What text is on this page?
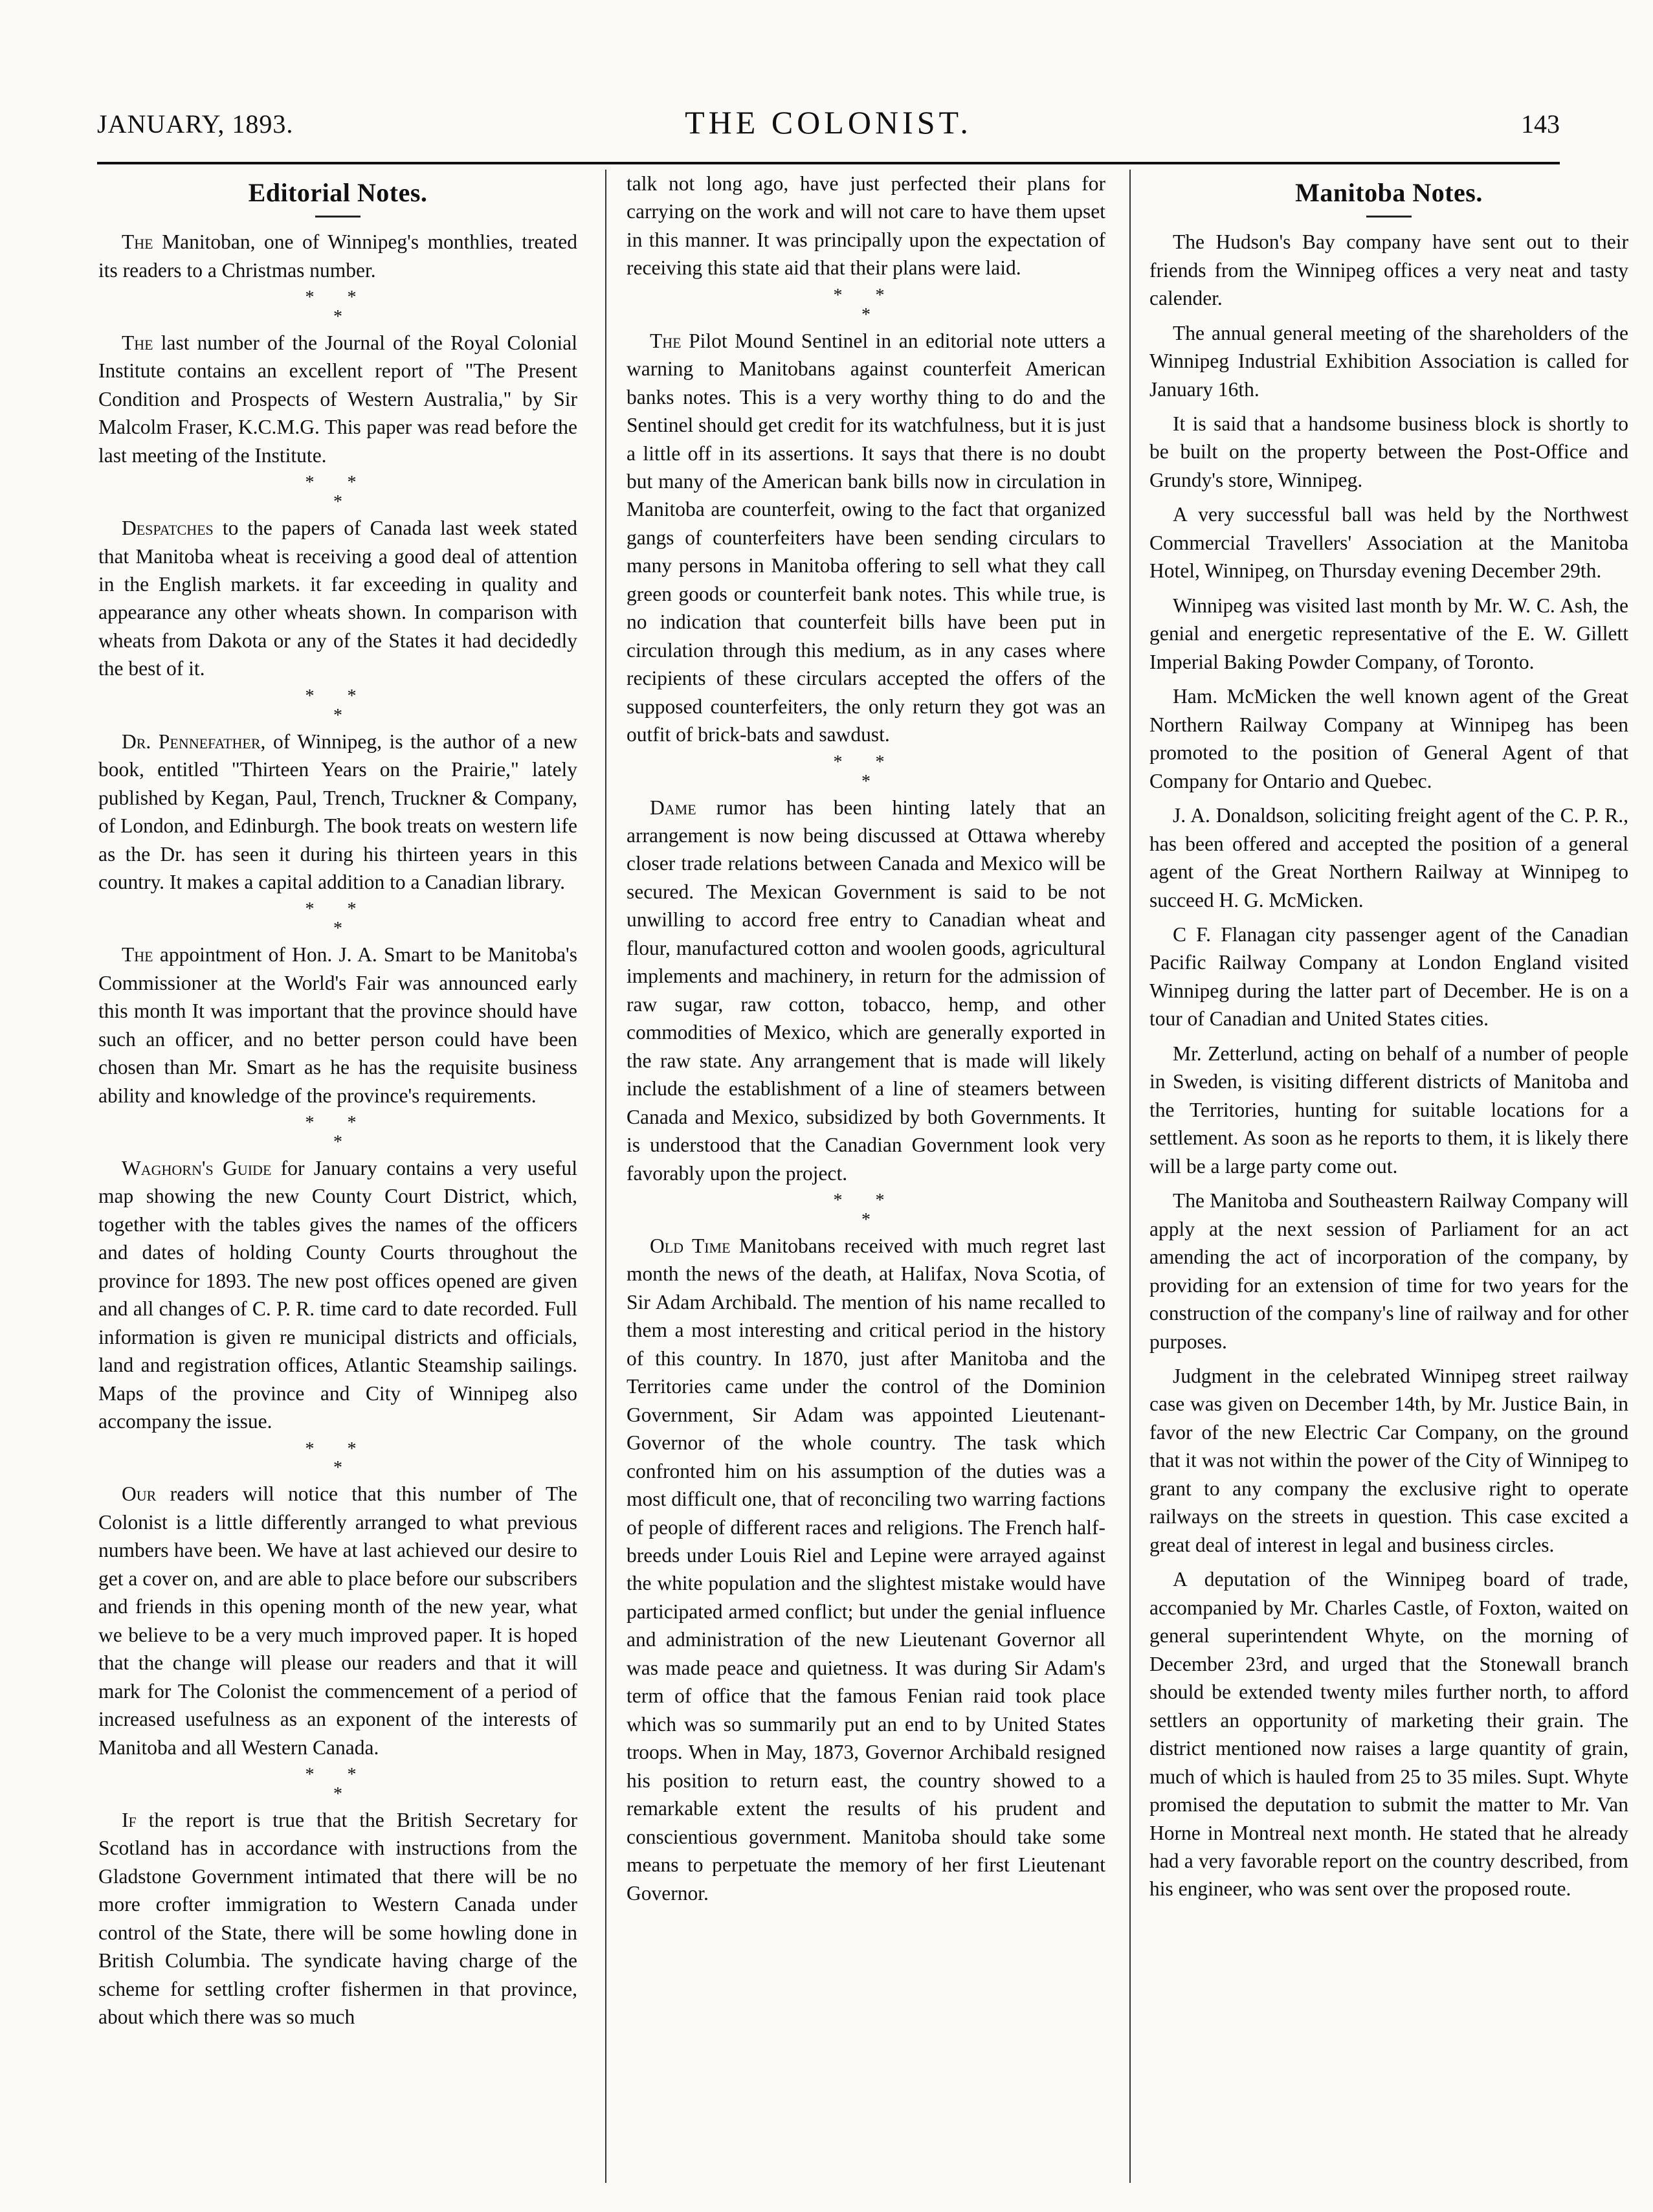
JANUARY, 1893.	THE COLONIST.	143
Editorial Notes.

The Manitoban, one of Winnipeg's monthlies, treated its readers to a Christmas number.

* *
*

The last number of the Journal of the Royal Colonial Institute contains an excellent report of "The Present Condition and Prospects of Western Australia," by Sir Malcolm Fraser, K.C.M.G. This paper was read before the last meeting of the Institute.

* *
*

Despatches to the papers of Canada last week stated that Manitoba wheat is receiving a good deal of attention in the English markets. it far exceeding in quality and appearance any other wheats shown. In comparison with wheats from Dakota or any of the States it had decidedly the best of it.

* *
*

Dr. Pennefather, of Winnipeg, is the author of a new book, entitled "Thirteen Years on the Prairie," lately published by Kegan, Paul, Trench, Truckner & Company, of London, and Edinburgh. The book treats on western life as the Dr. has seen it during his thirteen years in this country. It makes a capital addition to a Canadian library.

* *
*

The appointment of Hon. J. A. Smart to be Manitoba's Commissioner at the World's Fair was announced early this month It was important that the province should have such an officer, and no better person could have been chosen than Mr. Smart as he has the requisite business ability and knowledge of the province's requirements.

* *
*

Waghorn's Guide for January contains a very useful map showing the new County Court District, which, together with the tables gives the names of the officers and dates of holding County Courts throughout the province for 1893. The new post offices opened are given and all changes of C. P. R. time card to date recorded. Full information is given re municipal districts and officials, land and registration offices, Atlantic Steamship sailings. Maps of the province and City of Winnipeg also accompany the issue.

* *
*

Our readers will notice that this number of The Colonist is a little differently arranged to what previous numbers have been. We have at last achieved our desire to get a cover on, and are able to place before our subscribers and friends in this opening month of the new year, what we believe to be a very much improved paper. It is hoped that the change will please our readers and that it will mark for The Colonist the commencement of a period of increased usefulness as an exponent of the interests of Manitoba and all Western Canada.

* *
*

If the report is true that the British Secretary for Scotland has in accordance with instructions from the Gladstone Government intimated that there will be no more crofter immigration to Western Canada under control of the State, there will be some howling done in British Columbia. The syndicate having charge of the scheme for settling crofter fishermen in that province, about which there was so much

talk not long ago, have just perfected their plans for carrying on the work and will not care to have them upset in this manner. It was principally upon the expectation of receiving this state aid that their plans were laid.

* *
*

The Pilot Mound Sentinel in an editorial note utters a warning to Manitobans against counterfeit American banks notes. This is a very worthy thing to do and the Sentinel should get credit for its watchfulness, but it is just a little off in its assertions. It says that there is no doubt but many of the American bank bills now in circulation in Manitoba are counterfeit, owing to the fact that organized gangs of counterfeiters have been sending circulars to many persons in Manitoba offering to sell what they call green goods or counterfeit bank notes. This while true, is no indication that counterfeit bills have been put in circulation through this medium, as in any cases where recipients of these circulars accepted the offers of the supposed counterfeiters, the only return they got was an outfit of brick-bats and sawdust.

* *
*

Dame rumor has been hinting lately that an arrangement is now being discussed at Ottawa whereby closer trade relations between Canada and Mexico will be secured. The Mexican Government is said to be not unwilling to accord free entry to Canadian wheat and flour, manufactured cotton and woolen goods, agricultural implements and machinery, in return for the admission of raw sugar, raw cotton, tobacco, hemp, and other commodities of Mexico, which are generally exported in the raw state. Any arrangement that is made will likely include the establishment of a line of steamers between Canada and Mexico, subsidized by both Governments. It is understood that the Canadian Government look very favorably upon the project.

* *
*

Old Time Manitobans received with much regret last month the news of the death, at Halifax, Nova Scotia, of Sir Adam Archibald. The mention of his name recalled to them a most interesting and critical period in the history of this country. In 1870, just after Manitoba and the Territories came under the control of the Dominion Government, Sir Adam was appointed Lieutenant-Governor of the whole country. The task which confronted him on his assumption of the duties was a most difficult one, that of reconciling two warring factions of people of different races and religions. The French half-breeds under Louis Riel and Lepine were arrayed against the white population and the slightest mistake would have participated armed conflict; but under the genial influence and administration of the new Lieutenant Governor all was made peace and quietness. It was during Sir Adam's term of office that the famous Fenian raid took place which was so summarily put an end to by United States troops. When in May, 1873, Governor Archibald resigned his position to return east, the country showed to a remarkable extent the results of his prudent and conscientious government. Manitoba should take some means to perpetuate the memory of her first Lieutenant Governor.

Manitoba Notes.

The Hudson's Bay company have sent out to their friends from the Winnipeg offices a very neat and tasty calender.

The annual general meeting of the shareholders of the Winnipeg Industrial Exhibition Association is called for January 16th.

It is said that a handsome business block is shortly to be built on the property between the Post-Office and Grundy's store, Winnipeg.

A very successful ball was held by the Northwest Commercial Travellers' Association at the Manitoba Hotel, Winnipeg, on Thursday evening December 29th.

Winnipeg was visited last month by Mr. W. C. Ash, the genial and energetic representative of the E. W. Gillett Imperial Baking Powder Company, of Toronto.

Ham. McMicken the well known agent of the Great Northern Railway Company at Winnipeg has been promoted to the position of General Agent of that Company for Ontario and Quebec.

J. A. Donaldson, soliciting freight agent of the C. P. R., has been offered and accepted the position of a general agent of the Great Northern Railway at Winnipeg to succeed H. G. McMicken.

C F. Flanagan city passenger agent of the Canadian Pacific Railway Company at London England visited Winnipeg during the latter part of December. He is on a tour of Canadian and United States cities.

Mr. Zetterlund, acting on behalf of a number of people in Sweden, is visiting different districts of Manitoba and the Territories, hunting for suitable locations for a settlement. As soon as he reports to them, it is likely there will be a large party come out.

The Manitoba and Southeastern Railway Company will apply at the next session of Parliament for an act amending the act of incorporation of the company, by providing for an extension of time for two years for the construction of the company's line of railway and for other purposes.

Judgment in the celebrated Winnipeg street railway case was given on December 14th, by Mr. Justice Bain, in favor of the new Electric Car Company, on the ground that it was not within the power of the City of Winnipeg to grant to any company the exclusive right to operate railways on the streets in question. This case excited a great deal of interest in legal and business circles.

A deputation of the Winnipeg board of trade, accompanied by Mr. Charles Castle, of Foxton, waited on general superintendent Whyte, on the morning of December 23rd, and urged that the Stonewall branch should be extended twenty miles further north, to afford settlers an opportunity of marketing their grain. The district mentioned now raises a large quantity of grain, much of which is hauled from 25 to 35 miles. Supt. Whyte promised the deputation to submit the matter to Mr. Van Horne in Montreal next month. He stated that he already had a very favorable report on the country described, from his engineer, who was sent over the proposed route.
